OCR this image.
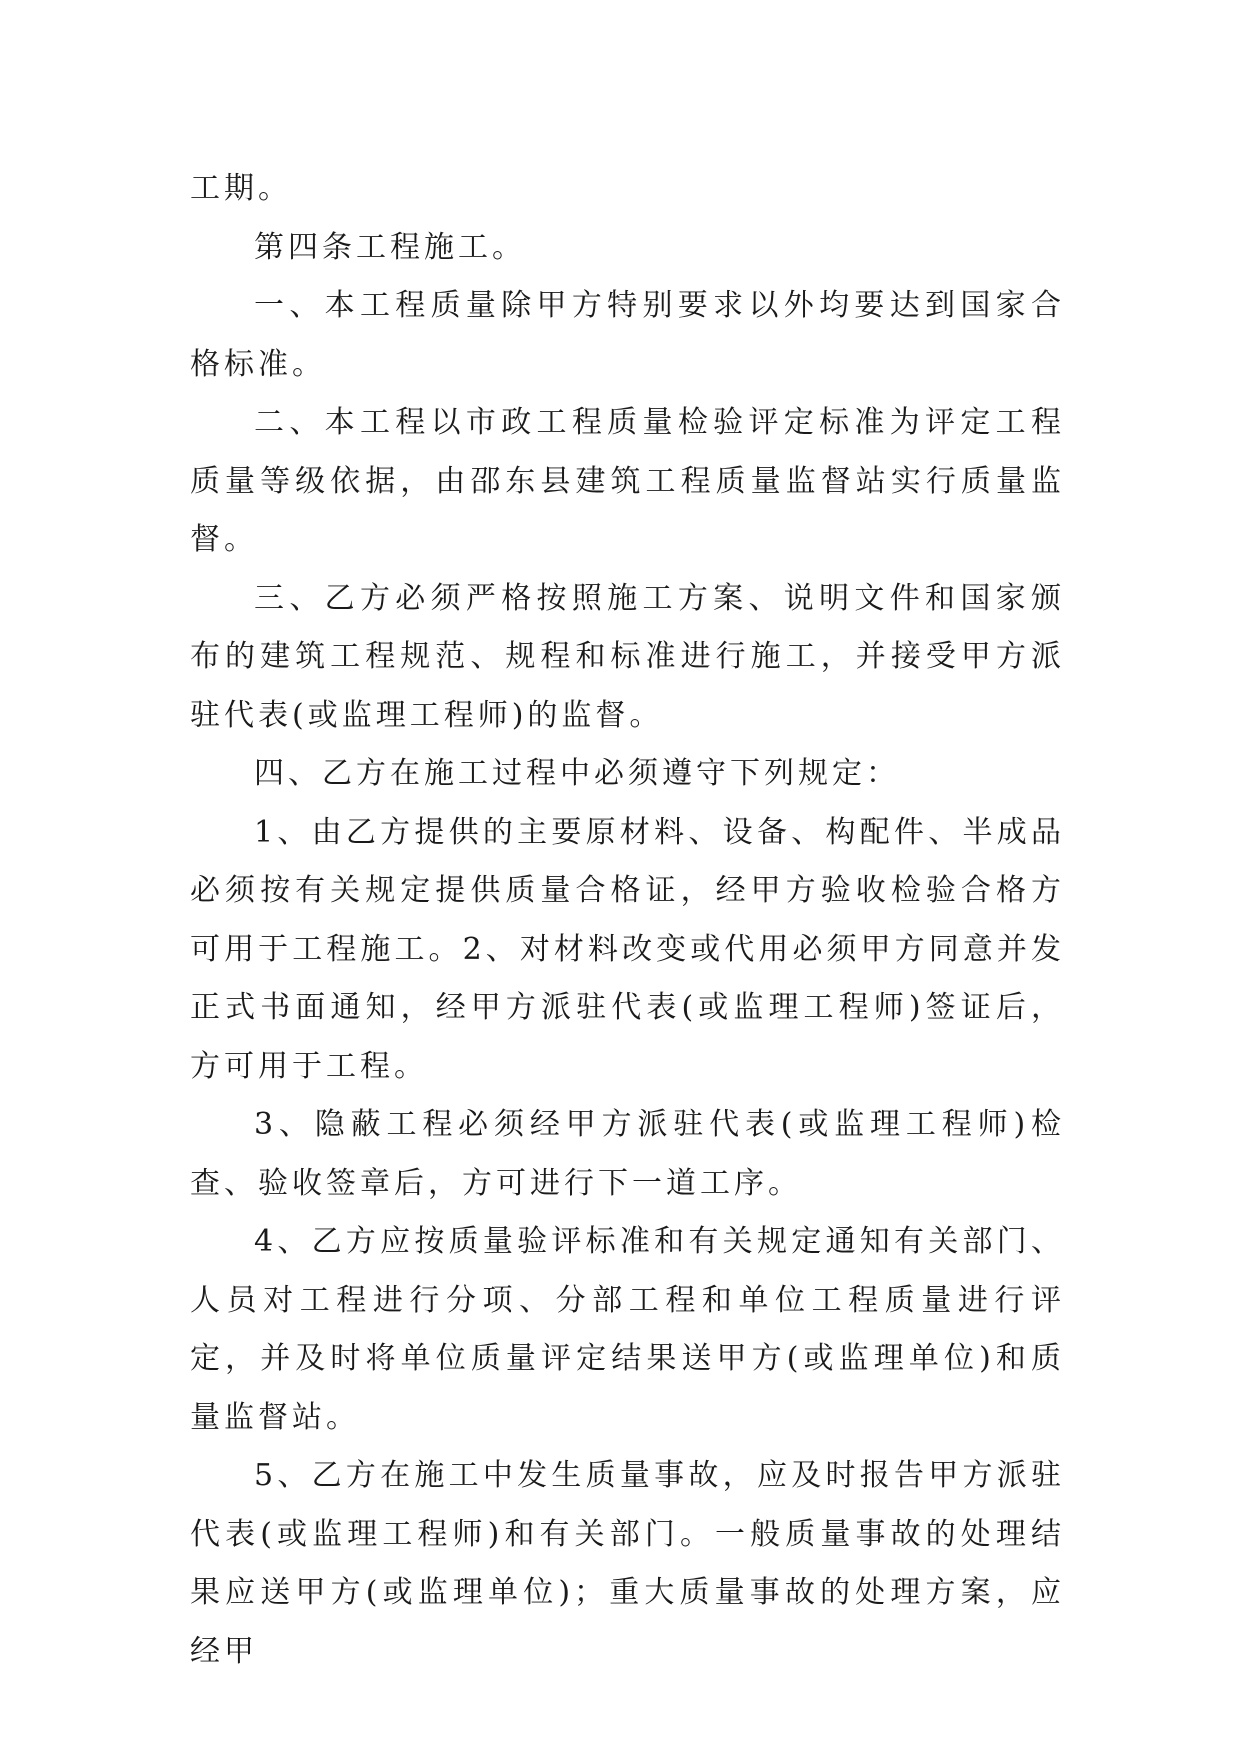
工期。

第四条工程施工。

一、本工程质量除甲方特别要求以外均要达到国家合格标准。

二、本工程以市政工程质量检验评定标准为评定工程质量等级依据，由邵东县建筑工程质量监督站实行质量监督。

三、乙方必须严格按照施工方案、说明文件和国家颁布的建筑工程规范、规程和标准进行施工，并接受甲方派驻代表(或监理工程师)的监督。

四、乙方在施工过程中必须遵守下列规定：

1、由乙方提供的主要原材料、设备、构配件、半成品必须按有关规定提供质量合格证，经甲方验收检验合格方可用于工程施工。2、对材料改变或代用必须甲方同意并发正式书面通知，经甲方派驻代表(或监理工程师)签证后，方可用于工程。

3、隐蔽工程必须经甲方派驻代表(或监理工程师)检查、验收签章后，方可进行下一道工序。

4、乙方应按质量验评标准和有关规定通知有关部门、人员对工程进行分项、分部工程和单位工程质量进行评定，并及时将单位质量评定结果送甲方(或监理单位)和质量监督站。

5、乙方在施工中发生质量事故，应及时报告甲方派驻代表(或监理工程师)和有关部门。一般质量事故的处理结果应送甲方(或监理单位)；重大质量事故的处理方案，应经甲
